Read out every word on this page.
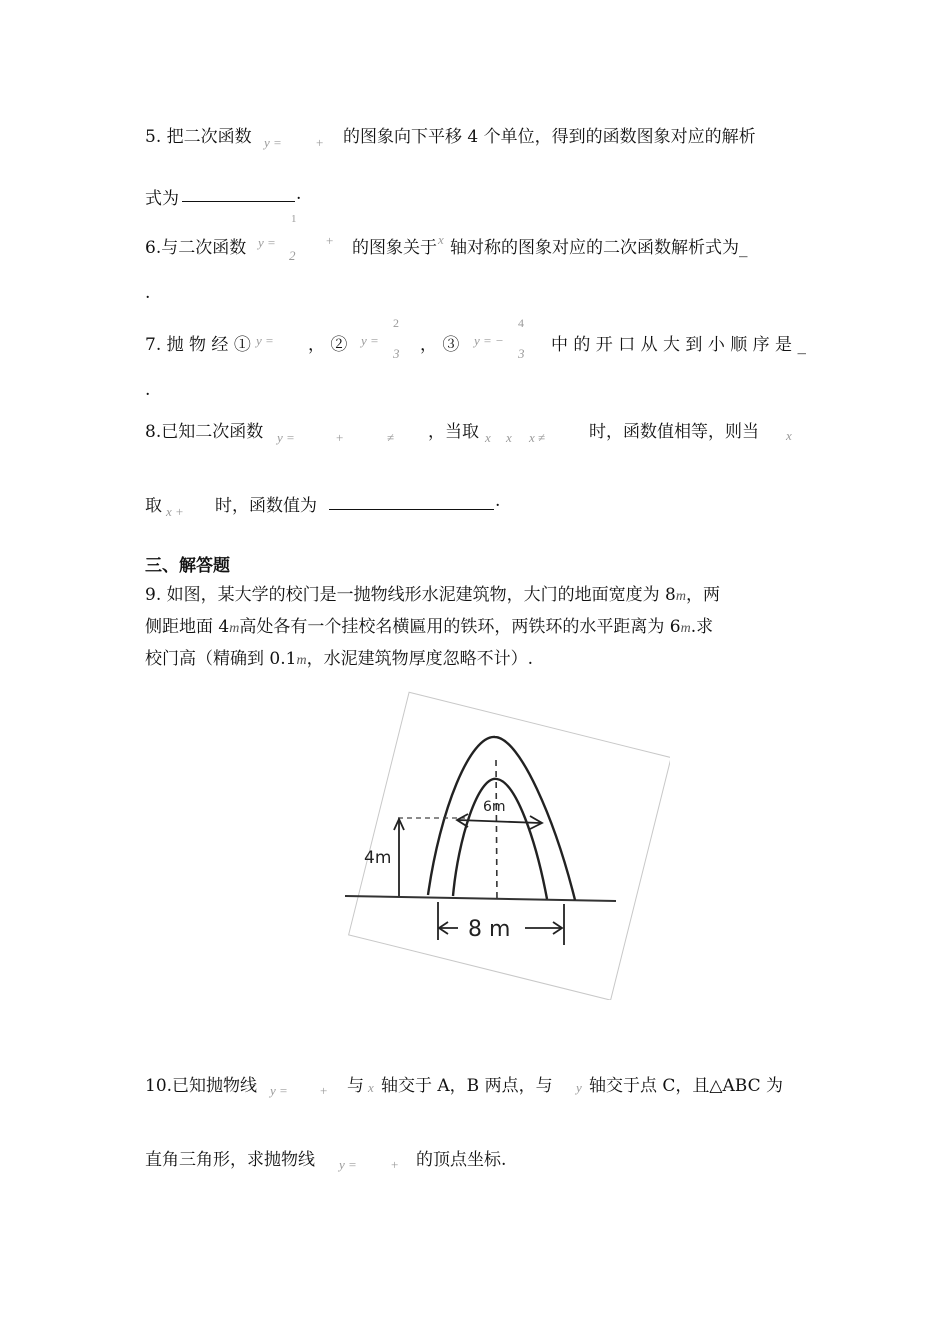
5. 把二次函数 y =	+ 的图象向下平移 4 个单位，得到的函数图象对应的解析
式为	.
6.与二次函数 y =
1
2
+ 的图象关于 x 轴对称的图象对应的二次函数解析式为_
.
7. 抛 物 经 ① y = ， ② y =
2
3 ， ③ y = −
4
3 中 的 开 口 从 大 到 小 顺 序 是 _
.
8.已知二次函数 y =	+	≠ ，当取 x x x ≠	时，函数值相等，则当 x
取 x + 时，函数值为	.
三、解答题
9. 如图，某大学的校门是一抛物线形水泥建筑物，大门的地面宽度为 8m，两
侧距地面 4m高处各有一个挂校名横匾用的铁环，两铁环的水平距离为 6m.求
校门高（精确到 0.1m，水泥建筑物厚度忽略不计）.
6m
4m
8 m
10.已知抛物线 y = + 与 x 轴交于 A，B 两点，与 y 轴交于点 C，且△ABC 为
直角三角形，求抛物线 y =	+ 的顶点坐标.
